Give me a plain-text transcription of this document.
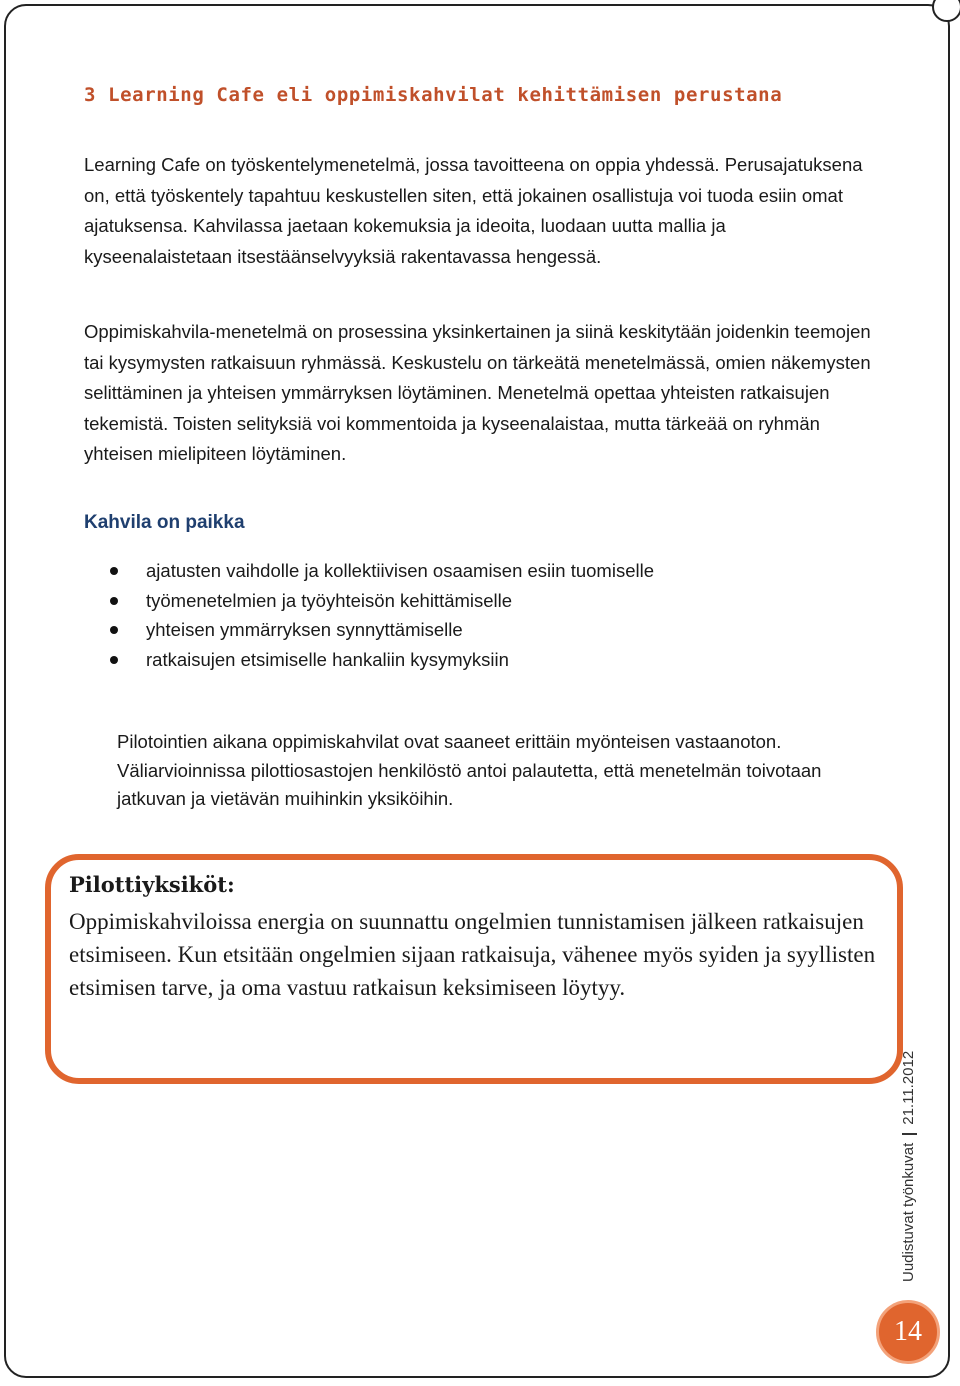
3 Learning Cafe eli oppimiskahvilat kehittämisen perustana
Learning Cafe on työskentelymenetelmä, jossa tavoitteena on oppia yhdessä. Perusajatuksena on, että työskentely tapahtuu keskustellen siten, että jokainen osallistuja voi tuoda esiin omat ajatuksensa. Kahvilassa jaetaan kokemuksia ja ideoita, luodaan uutta mallia ja kyseenalaistetaan itsestäänselvyyksiä rakentavassa hengessä.
Oppimiskahvila-menetelmä on prosessina yksinkertainen ja siinä keskitytään joidenkin teemojen tai kysymysten ratkaisuun ryhmässä. Keskustelu on tärkeätä menetelmässä, omien näkemysten selittäminen ja yhteisen ymmärryksen löytäminen. Menetelmä opettaa yhteisten ratkaisujen tekemistä. Toisten selityksiä voi kommentoida ja kyseenalaistaa, mutta tärkeää on ryhmän yhteisen mielipiteen löytäminen.
Kahvila on paikka
ajatusten vaihdolle ja kollektiivisen osaamisen esiin tuomiselle
työmenetelmien ja työyhteisön kehittämiselle
yhteisen ymmärryksen synnyttämiselle
ratkaisujen etsimiselle hankaliin kysymyksiin
Pilotointien aikana oppimiskahvilat ovat saaneet erittäin myönteisen vastaanoton. Väliarvioinnissa pilottiosastojen henkilöstö antoi palautetta, että menetelmän toivotaan jatkuvan ja vietävän muihinkin yksiköihin.
Pilottiyksiköt:
Oppimiskahviloissa energia on suunnattu ongelmien tunnistamisen jälkeen ratkaisujen etsimiseen. Kun etsitään ongelmien sijaan ratkaisuja, vähenee myös syiden ja syyllisten etsimisen tarve, ja oma vastuu ratkaisun keksimiseen löytyy.
Uudistuvat työnkuvat21.11.2012
14
